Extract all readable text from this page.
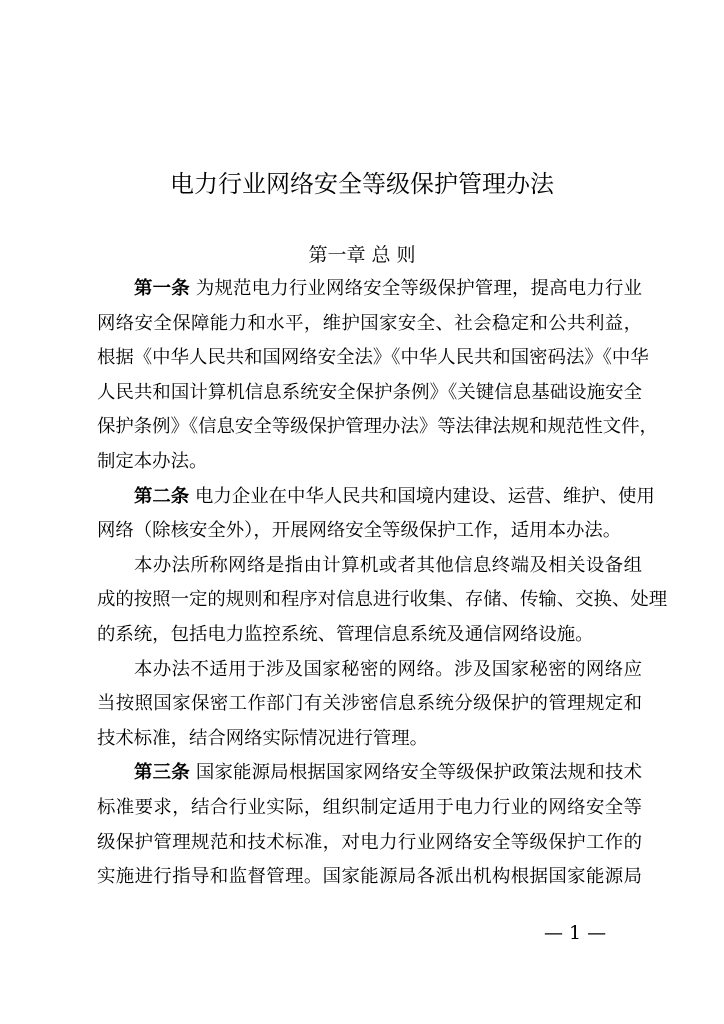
电力行业网络安全等级保护管理办法
第一章 总 则
第一条 为规范电力行业网络安全等级保护管理，提高电力行业
网络安全保障能力和水平，维护国家安全、社会稳定和公共利益，
根据《中华人民共和国网络安全法》《中华人民共和国密码法》《中华
人民共和国计算机信息系统安全保护条例》《关键信息基础设施安全
保护条例》《信息安全等级保护管理办法》等法律法规和规范性文件，
制定本办法。
第二条 电力企业在中华人民共和国境内建设、运营、维护、使用
网络（除核安全外），开展网络安全等级保护工作，适用本办法。
本办法所称网络是指由计算机或者其他信息终端及相关设备组
成的按照一定的规则和程序对信息进行收集、存储、传输、交换、处理
的系统，包括电力监控系统、管理信息系统及通信网络设施。
本办法不适用于涉及国家秘密的网络。涉及国家秘密的网络应
当按照国家保密工作部门有关涉密信息系统分级保护的管理规定和
技术标准，结合网络实际情况进行管理。
第三条 国家能源局根据国家网络安全等级保护政策法规和技术
标准要求，结合行业实际，组织制定适用于电力行业的网络安全等
级保护管理规范和技术标准，对电力行业网络安全等级保护工作的
实施进行指导和监督管理。国家能源局各派出机构根据国家能源局
— 1 —
